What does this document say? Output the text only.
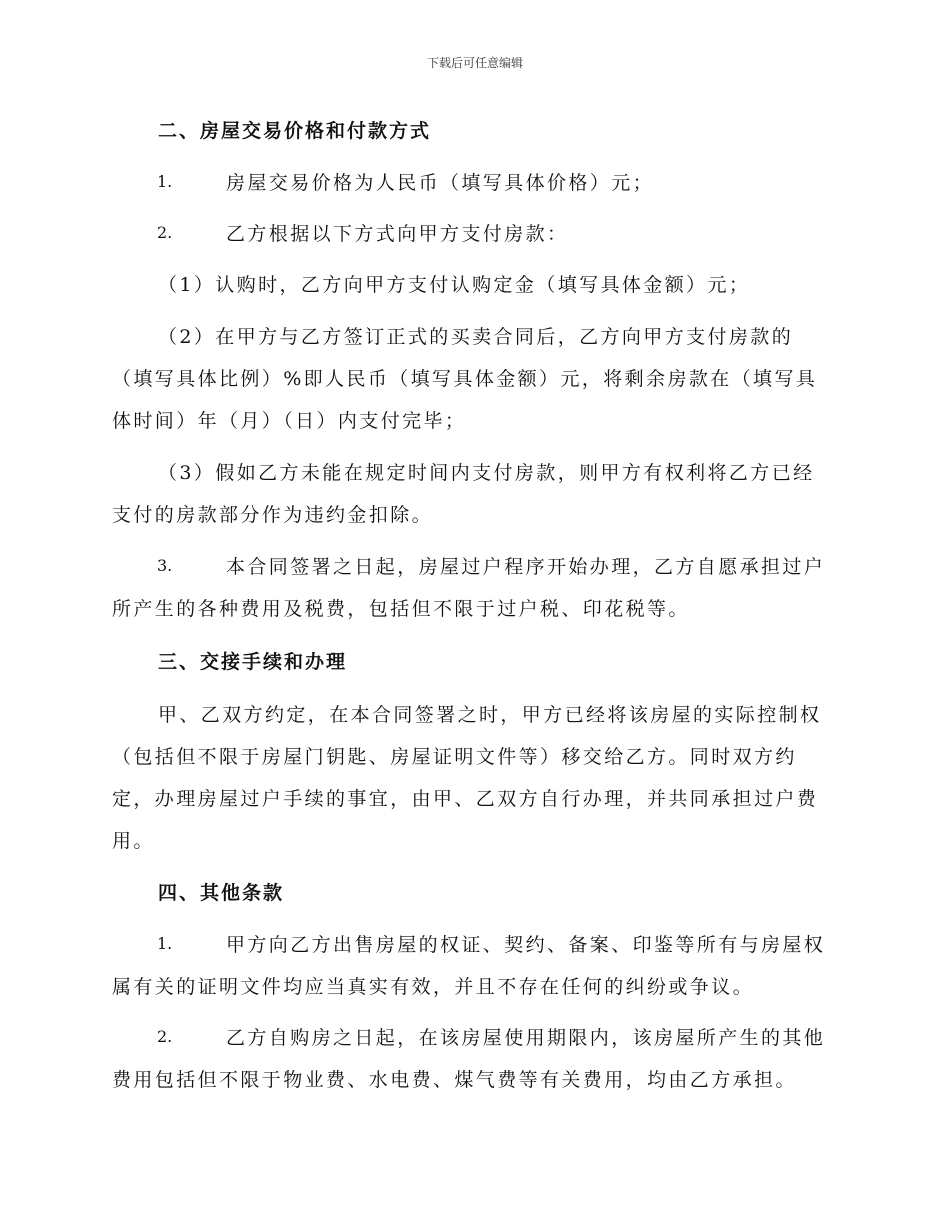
下载后可任意编辑
二、房屋交易价格和付款方式
1.	房屋交易价格为人民币（填写具体价格）元；
2.	乙方根据以下方式向甲方支付房款：
（1）认购时，乙方向甲方支付认购定金（填写具体金额）元；
（2）在甲方与乙方签订正式的买卖合同后，乙方向甲方支付房款的
（填写具体比例）%即人民币（填写具体金额）元，将剩余房款在（填写具
体时间）年（月）（日）内支付完毕；
（3）假如乙方未能在规定时间内支付房款，则甲方有权利将乙方已经
支付的房款部分作为违约金扣除。
3.	本合同签署之日起，房屋过户程序开始办理，乙方自愿承担过户
所产生的各种费用及税费，包括但不限于过户税、印花税等。
三、交接手续和办理
甲、乙双方约定，在本合同签署之时，甲方已经将该房屋的实际控制权
（包括但不限于房屋门钥匙、房屋证明文件等）移交给乙方。同时双方约
定，办理房屋过户手续的事宜，由甲、乙双方自行办理，并共同承担过户费
用。
四、其他条款
1.	甲方向乙方出售房屋的权证、契约、备案、印鉴等所有与房屋权
属有关的证明文件均应当真实有效，并且不存在任何的纠纷或争议。
2.	乙方自购房之日起，在该房屋使用期限内，该房屋所产生的其他
费用包括但不限于物业费、水电费、煤气费等有关费用，均由乙方承担。
